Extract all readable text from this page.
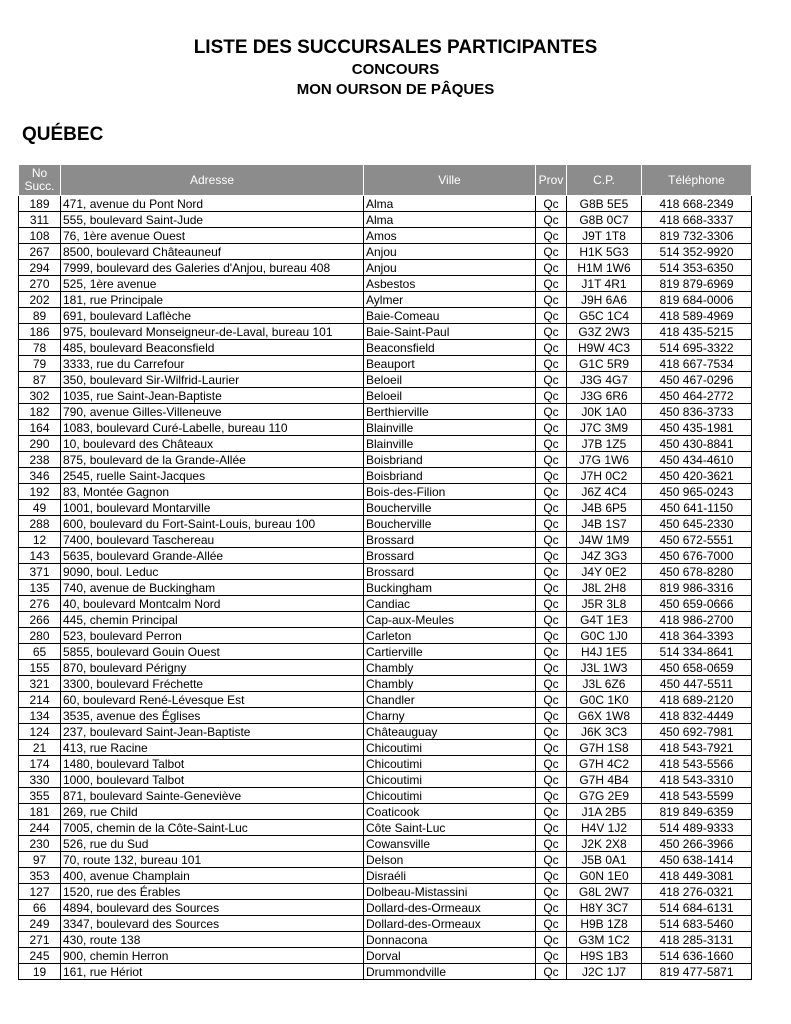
LISTE DES SUCCURSALES PARTICIPANTES
CONCOURS
MON OURSON DE PÂQUES
QUÉBEC
No Succ.	Adresse	Ville	Prov	C.P.	Téléphone
189	471, avenue du Pont Nord	Alma	Qc	G8B 5E5	418 668-2349
311	555, boulevard Saint-Jude	Alma	Qc	G8B 0C7	418 668-3337
108	76, 1ère avenue Ouest	Amos	Qc	J9T 1T8	819 732-3306
267	8500, boulevard Châteauneuf	Anjou	Qc	H1K 5G3	514 352-9920
294	7999, boulevard des Galeries d'Anjou, bureau 408	Anjou	Qc	H1M 1W6	514 353-6350
270	525, 1ère avenue	Asbestos	Qc	J1T 4R1	819 879-6969
202	181, rue Principale	Aylmer	Qc	J9H 6A6	819 684-0006
89	691, boulevard Laflèche	Baie-Comeau	Qc	G5C 1C4	418 589-4969
186	975, boulevard Monseigneur-de-Laval, bureau 101	Baie-Saint-Paul	Qc	G3Z 2W3	418 435-5215
78	485, boulevard Beaconsfield	Beaconsfield	Qc	H9W 4C3	514 695-3322
79	3333, rue du Carrefour	Beauport	Qc	G1C 5R9	418 667-7534
87	350, boulevard Sir-Wilfrid-Laurier	Beloeil	Qc	J3G 4G7	450 467-0296
302	1035, rue Saint-Jean-Baptiste	Beloeil	Qc	J3G 6R6	450 464-2772
182	790, avenue Gilles-Villeneuve	Berthierville	Qc	J0K 1A0	450 836-3733
164	1083, boulevard Curé-Labelle, bureau 110	Blainville	Qc	J7C 3M9	450 435-1981
290	10, boulevard des Châteaux	Blainville	Qc	J7B 1Z5	450 430-8841
238	875, boulevard de la Grande-Allée	Boisbriand	Qc	J7G 1W6	450 434-4610
346	2545, ruelle Saint-Jacques	Boisbriand	Qc	J7H 0C2	450 420-3621
192	83, Montée Gagnon	Bois-des-Filion	Qc	J6Z 4C4	450 965-0243
49	1001, boulevard Montarville	Boucherville	Qc	J4B 6P5	450 641-1150
288	600, boulevard du Fort-Saint-Louis, bureau 100	Boucherville	Qc	J4B 1S7	450 645-2330
12	7400, boulevard Taschereau	Brossard	Qc	J4W 1M9	450 672-5551
143	5635, boulevard Grande-Allée	Brossard	Qc	J4Z 3G3	450 676-7000
371	9090, boul. Leduc	Brossard	Qc	J4Y 0E2	450 678-8280
135	740, avenue de Buckingham	Buckingham	Qc	J8L 2H8	819 986-3316
276	40, boulevard Montcalm Nord	Candiac	Qc	J5R 3L8	450 659-0666
266	445, chemin Principal	Cap-aux-Meules	Qc	G4T 1E3	418 986-2700
280	523, boulevard Perron	Carleton	Qc	G0C 1J0	418 364-3393
65	5855, boulevard Gouin Ouest	Cartierville	Qc	H4J 1E5	514 334-8641
155	870, boulevard Périgny	Chambly	Qc	J3L 1W3	450 658-0659
321	3300, boulevard Fréchette	Chambly	Qc	J3L 6Z6	450 447-5511
214	60, boulevard René-Lévesque Est	Chandler	Qc	G0C 1K0	418 689-2120
134	3535, avenue des Églises	Charny	Qc	G6X 1W8	418 832-4449
124	237, boulevard Saint-Jean-Baptiste	Châteauguay	Qc	J6K 3C3	450 692-7981
21	413, rue Racine	Chicoutimi	Qc	G7H 1S8	418 543-7921
174	1480, boulevard Talbot	Chicoutimi	Qc	G7H 4C2	418 543-5566
330	1000, boulevard Talbot	Chicoutimi	Qc	G7H 4B4	418 543-3310
355	871, boulevard Sainte-Geneviève	Chicoutimi	Qc	G7G 2E9	418 543-5599
181	269, rue Child	Coaticook	Qc	J1A 2B5	819 849-6359
244	7005, chemin de la Côte-Saint-Luc	Côte Saint-Luc	Qc	H4V 1J2	514 489-9333
230	526, rue du Sud	Cowansville	Qc	J2K 2X8	450 266-3966
97	70, route 132, bureau 101	Delson	Qc	J5B 0A1	450 638-1414
353	400, avenue Champlain	Disraéli	Qc	G0N 1E0	418 449-3081
127	1520, rue des Érables	Dolbeau-Mistassini	Qc	G8L 2W7	418 276-0321
66	4894, boulevard des Sources	Dollard-des-Ormeaux	Qc	H8Y 3C7	514 684-6131
249	3347, boulevard des Sources	Dollard-des-Ormeaux	Qc	H9B 1Z8	514 683-5460
271	430, route 138	Donnacona	Qc	G3M 1C2	418 285-3131
245	900, chemin Herron	Dorval	Qc	H9S 1B3	514 636-1660
19	161, rue Hériot	Drummondville	Qc	J2C 1J7	819 477-5871
